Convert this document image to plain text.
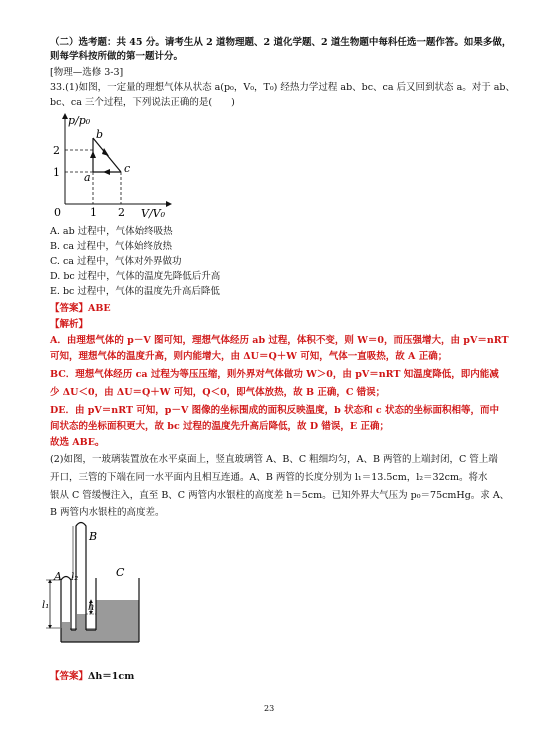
（二）选考题：共 45 分。请考生从 2 道物理题、2 道化学题、2 道生物题中每科任选一题作答。如果多做，
则每学科按所做的第一题计分。
[物理—选修 3-3]
33.(1)如图，一定量的理想气体从状态 a(p₀，V₀，T₀) 经热力学过程 ab、bc、ca 后又回到状态 a。对于 ab、
bc、ca 三个过程，下列说法正确的是(　　)
p/p₀
V/V₀
0	1 2
2
1 a
b
c
A. ab 过程中，气体始终吸热
B. ca 过程中，气体始终放热
C. ca 过程中，气体对外界做功
D. bc 过程中，气体的温度先降低后升高
E. bc 过程中，气体的温度先升高后降低
【答案】ABE
【解析】
A．由理想气体的 p－V 图可知，理想气体经历 ab 过程，体积不变，则 W＝0，而压强增大，由 pV＝nRT
可知，理想气体的温度升高，则内能增大，由 ΔU＝Q＋W 可知，气体一直吸热，故 A 正确；
BC．理想气体经历 ca 过程为等压压缩，则外界对气体做功 W＞0，由 pV＝nRT 知温度降低，即内能减
少 ΔU＜0，由 ΔU＝Q＋W 可知，Q＜0，即气体放热，故 B 正确，C 错误；
DE．由 pV＝nRT 可知，p－V 图像的坐标围成的面积反映温度，b 状态和 c 状态的坐标面积相等，而中
间状态的坐标面积更大，故 bc 过程的温度先升高后降低，故 D 错误，E 正确；
故选 ABE。
(2)如图，一玻璃装置放在水平桌面上，竖直玻璃管 A、B、C 粗细均匀，A、B 两管的上端封闭，C 管上端
开口，三管的下端在同一水平面内且相互连通。A、B 两管的长度分别为 l₁＝13.5cm，l₂＝32cm。将水
银从 C 管缓慢注入，直至 B、C 两管内水银柱的高度差 h＝5cm。已知外界大气压为 p₀＝75cmHg。求 A、
B 两管内水银柱的高度差。
A
B
C
l₁
l₂
h
【答案】Δh＝1cm
23
